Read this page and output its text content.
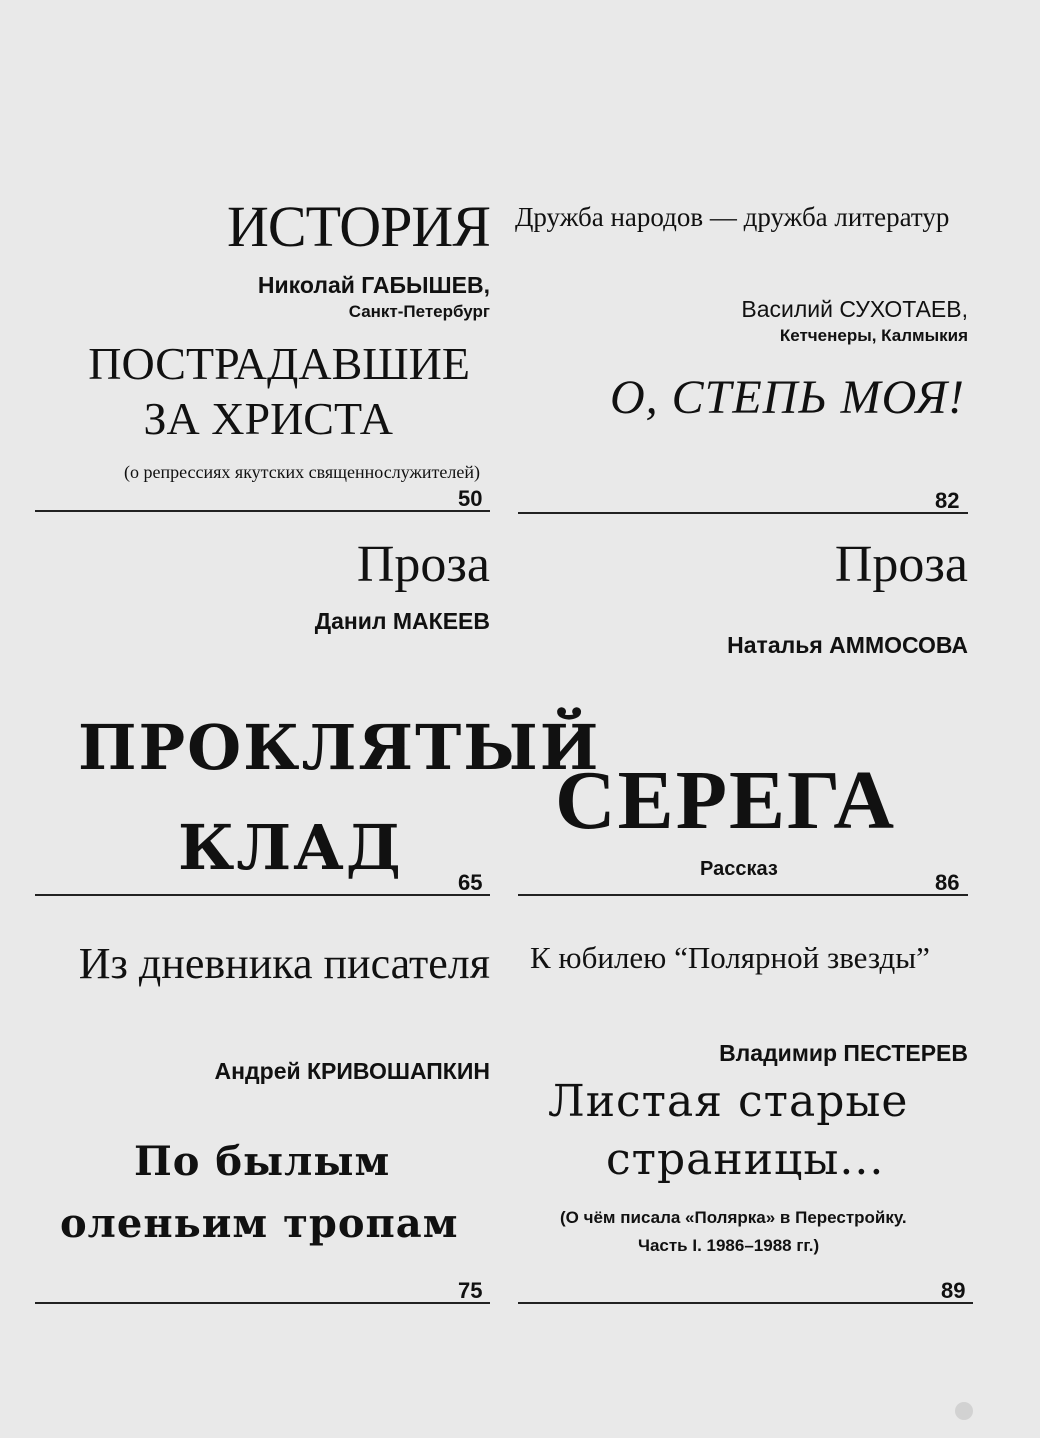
ИСТОРИЯ
Николай ГАБЫШЕВ,
Санкт-Петербург
ПОСТРАДАВШИЕ
ЗА ХРИСТА
(о репрессиях якутских священнослужителей)
50
Проза
Данил МАКЕЕВ
ПРОКЛЯТЫЙ
КЛАД	65
Из дневника писателя
Андрей КРИВОШАПКИН
По былым
оленьим тропам
75
Дружба народов — дружба литератур
Василий СУХОТАЕВ,
Кетченеры, Калмыкия
О, СТЕПЬ МОЯ!
82
Проза
Наталья АММОСОВА
СЕРЕГА
Рассказ
86
К юбилею “Полярной звезды”
Владимир ПЕСТЕРЕВ
Листая старые
страницы...
(О чём писала «Полярка» в Перестройку.
Часть I. 1986–1988 гг.)
89
